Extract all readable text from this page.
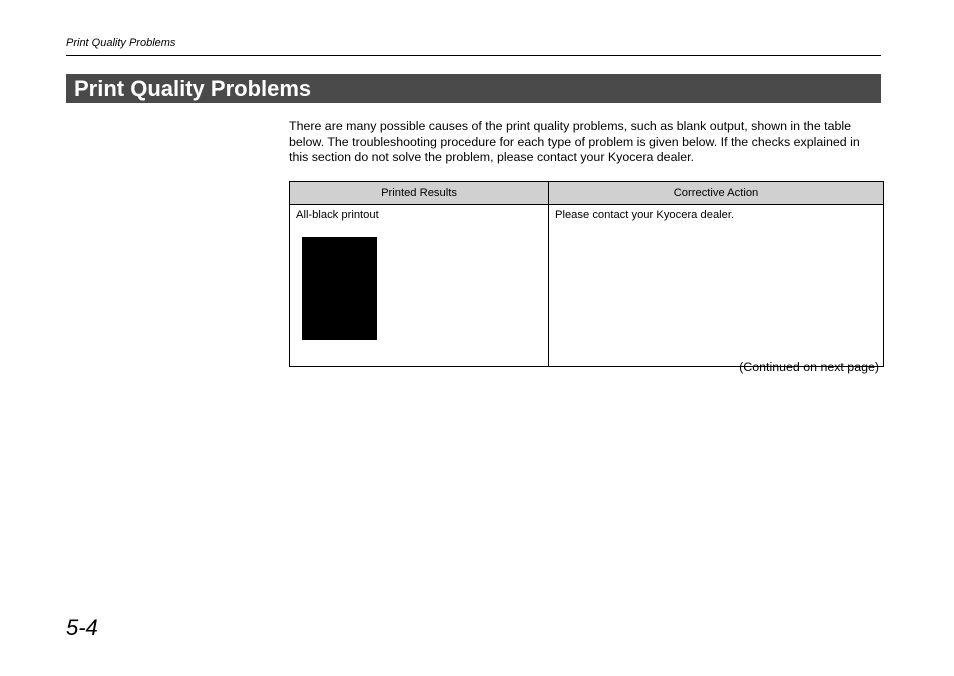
Print Quality Problems
Print Quality Problems
There are many possible causes of the print quality problems, such as blank output, shown in the table below. The troubleshooting procedure for each type of problem is given below. If the checks explained in this section do not solve the problem, please contact your Kyocera dealer.
Printed Results	Corrective Action

All-black printout	Please contact your Kyocera dealer.
(Continued on next page)
5-4
